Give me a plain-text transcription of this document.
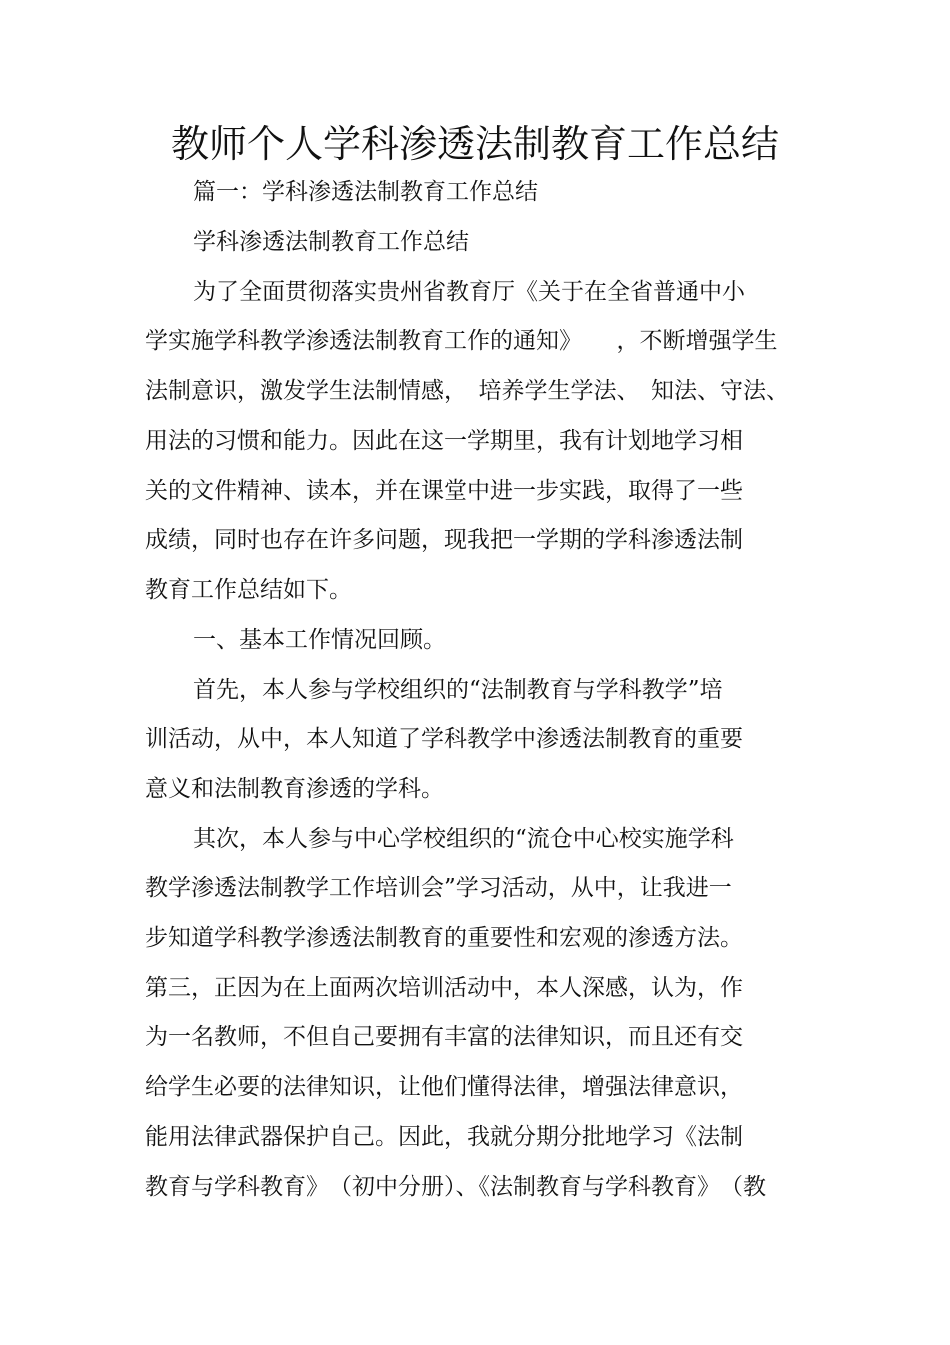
教师个人学科渗透法制教育工作总结
篇一：学科渗透法制教育工作总结
学科渗透法制教育工作总结
为了全面贯彻落实贵州省教育厅《关于在全省普通中小
学实施学科教学渗透法制教育工作的通知》　　，不断增强学生
法制意识，激发学生法制情感，　培养学生学法、　知法、守法、
用法的习惯和能力。因此在这一学期里，我有计划地学习相
关的文件精神、读本，并在课堂中进一步实践，取得了一些
成绩，同时也存在许多问题，现我把一学期的学科渗透法制
教育工作总结如下。
一、基本工作情况回顾。
首先，本人参与学校组织的“法制教育与学科教学”培
训活动，从中，本人知道了学科教学中渗透法制教育的重要
意义和法制教育渗透的学科。
其次，本人参与中心学校组织的“流仓中心校实施学科
教学渗透法制教学工作培训会”学习活动，从中，让我进一
步知道学科教学渗透法制教育的重要性和宏观的渗透方法。
第三，正因为在上面两次培训活动中，本人深感，认为，作
为一名教师，不但自己要拥有丰富的法律知识，而且还有交
给学生必要的法律知识，让他们懂得法律，增强法律意识，
能用法律武器保护自己。因此，我就分期分批地学习《法制
教育与学科教育》　（初中分册）、《法制教育与学科教育》　（教
